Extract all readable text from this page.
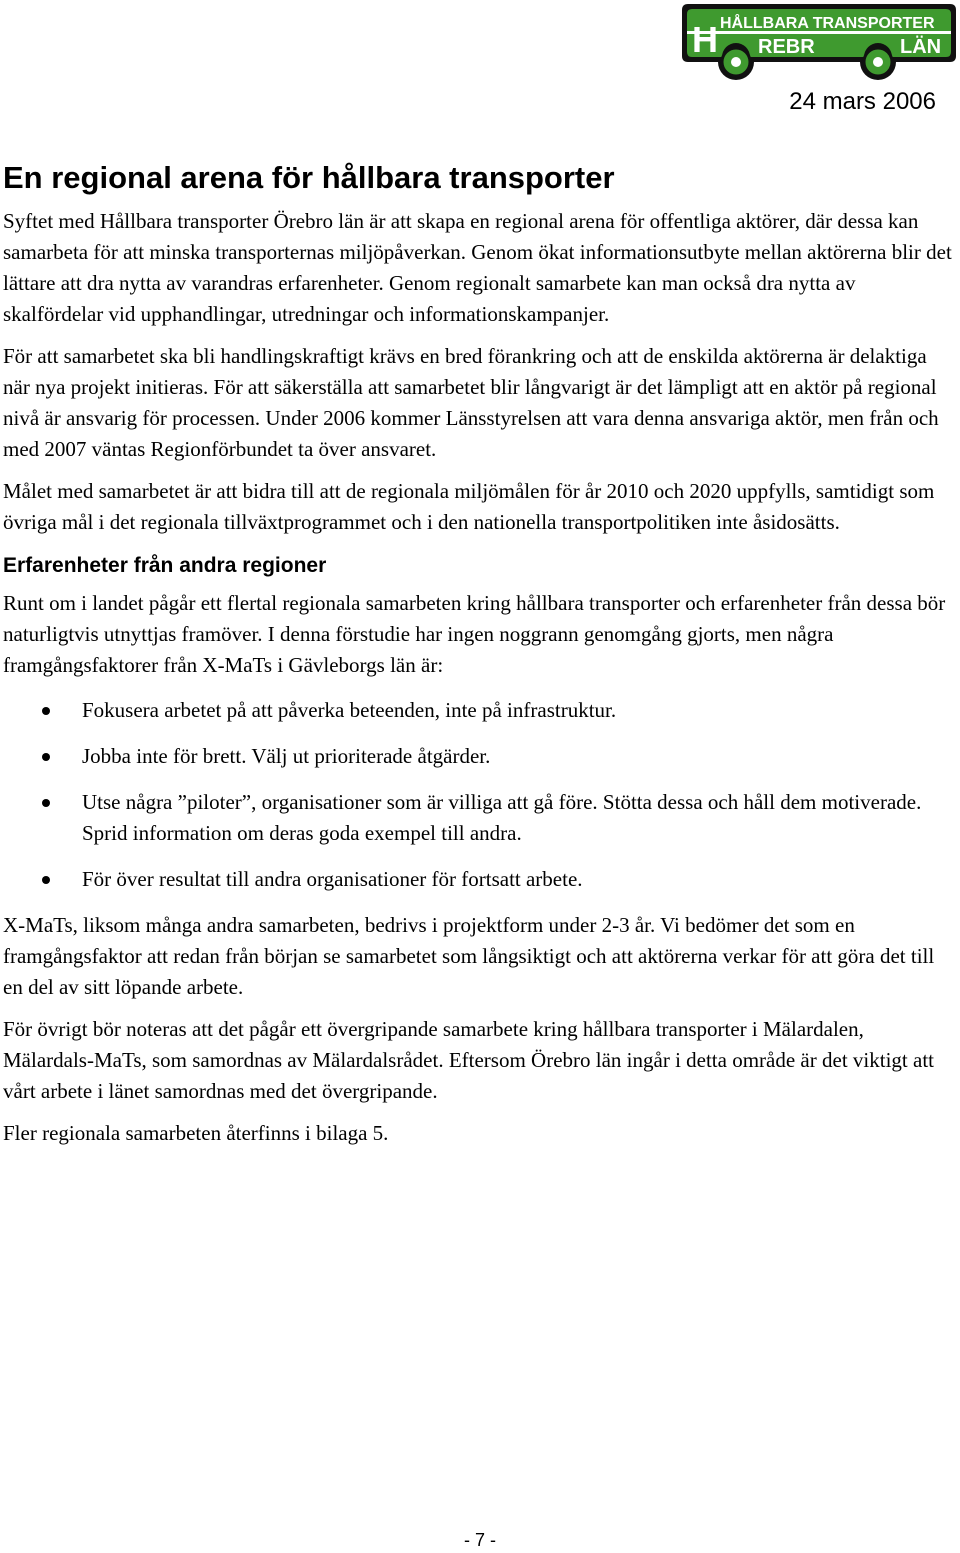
HÅLLBARA TRANSPORTER
H REBR	LÄN
24 mars 2006
En regional arena för hållbara transporter

Syftet med Hållbara transporter Örebro län är att skapa en regional arena för offentliga aktörer, där dessa kan samarbeta för att minska transporternas miljöpåverkan. Genom ökat informationsutbyte mellan aktörerna blir det lättare att dra nytta av varandras erfarenheter. Genom regionalt samarbete kan man också dra nytta av skalfördelar vid upphandlingar, utredningar och informationskampanjer.

För att samarbetet ska bli handlingskraftigt krävs en bred förankring och att de enskilda aktörerna är delaktiga när nya projekt initieras. För att säkerställa att samarbetet blir långvarigt är det lämpligt att en aktör på regional nivå är ansvarig för processen. Under 2006 kommer Länsstyrelsen att vara denna ansvariga aktör, men från och med 2007 väntas Regionförbundet ta över ansvaret.

Målet med samarbetet är att bidra till att de regionala miljömålen för år 2010 och 2020 uppfylls, samtidigt som övriga mål i det regionala tillväxtprogrammet och i den nationella transportpolitiken inte åsidosätts.

Erfarenheter från andra regioner

Runt om i landet pågår ett flertal regionala samarbeten kring hållbara transporter och erfarenheter från dessa bör naturligtvis utnyttjas framöver. I denna förstudie har ingen noggrann genomgång gjorts, men några framgångsfaktorer från X-MaTs i Gävleborgs län är:

Fokusera arbetet på att påverka beteenden, inte på infrastruktur.
Jobba inte för brett. Välj ut prioriterade åtgärder.
Utse några ”piloter”, organisationer som är villiga att gå före. Stötta dessa och håll dem motiverade. Sprid information om deras goda exempel till andra.
För över resultat till andra organisationer för fortsatt arbete.

X-MaTs, liksom många andra samarbeten, bedrivs i projektform under 2-3 år. Vi bedömer det som en framgångsfaktor att redan från början se samarbetet som långsiktigt och att aktörerna verkar för att göra det till en del av sitt löpande arbete.

För övrigt bör noteras att det pågår ett övergripande samarbete kring hållbara transporter i Mälardalen, Mälardals-MaTs, som samordnas av Mälardalsrådet. Eftersom Örebro län ingår i detta område är det viktigt att vårt arbete i länet samordnas med det övergripande.

Fler regionala samarbeten återfinns i bilaga 5.

- 7 -
